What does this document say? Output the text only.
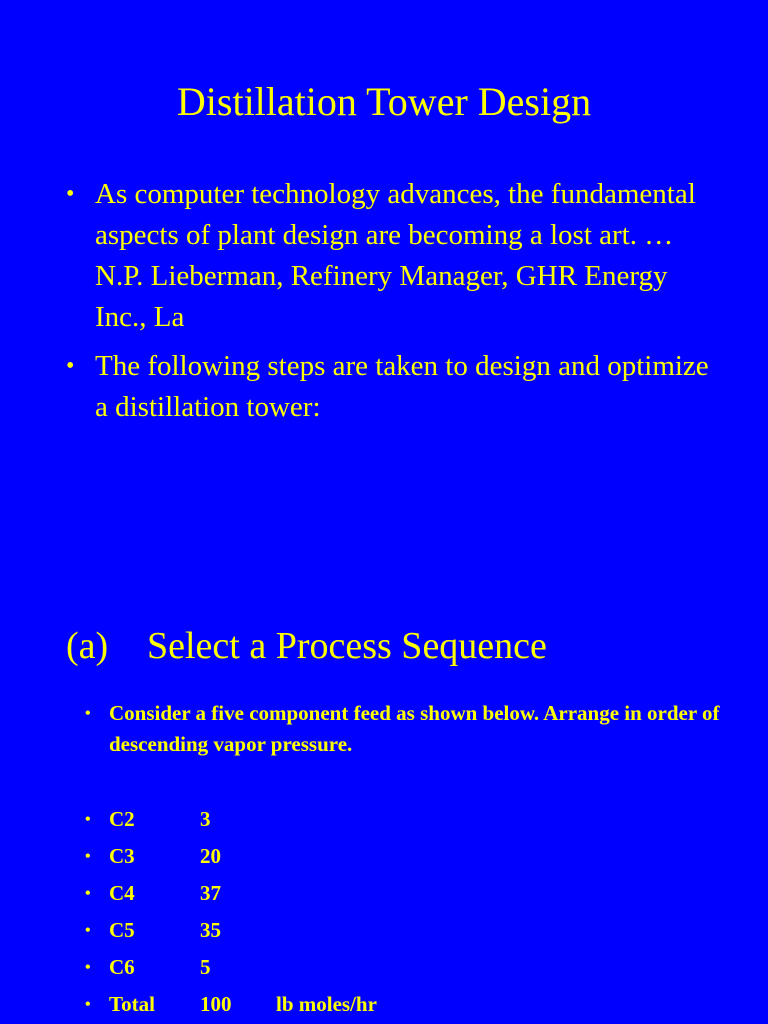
Distillation Tower Design
• As computer technology advances, the fundamental aspects of plant design are becoming a lost art. … N.P. Lieberman, Refinery Manager, GHR Energy Inc., La
• The following steps are taken to design and optimize a distillation tower:
(a) Select a Process Sequence
• Consider a five component feed as shown below. Arrange in order of descending vapor pressure.
• C2	3
• C3	20
• C4	37
• C5	35
• C6	5
• Total 100 lb moles/hr
